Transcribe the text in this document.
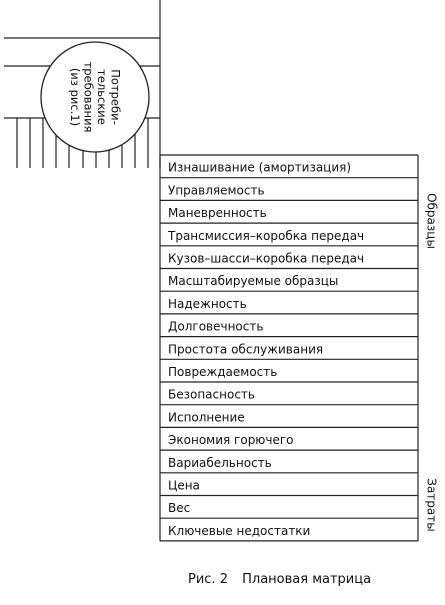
Потреби-тельскиетребования(из рис.1)
Изнашивание (амортизация)
Управляемость
Маневренность
Трансмиссия–коробка передач
Кузов–шасси–коробка передач
Масштабируемые образцы
Надежность
Долговечность
Простота обслуживания
Повреждаемость
Безопасность
Исполнение
Экономия горючего
Вариабельность
Цена
Вес
Ключевые недостатки
Образцы
Затраты
Рис. 2 Плановая матрица
